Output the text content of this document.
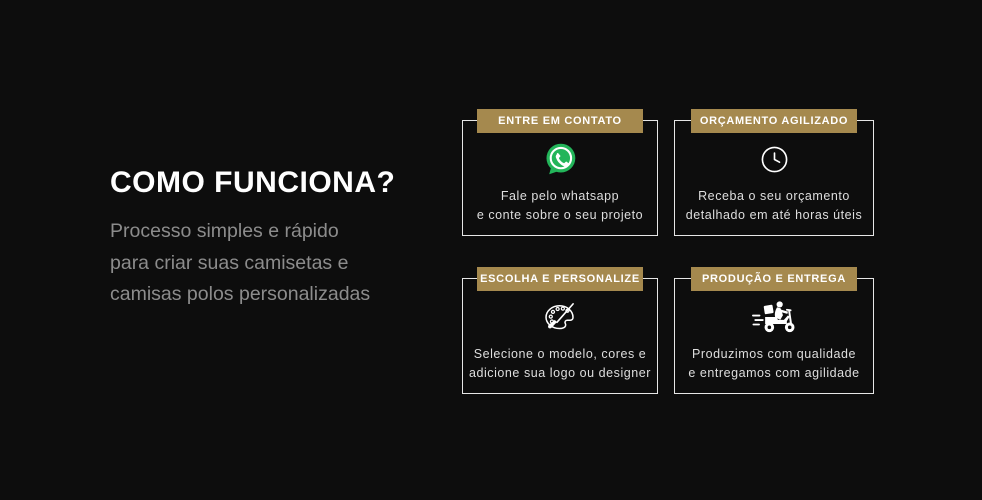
COMO FUNCIONA?

Processo simples e rápido
para criar suas camisetas e
camisas polos personalizadas

ENTRE EM CONTATO

Fale pelo whatsapp
e conte sobre o seu projeto

ORÇAMENTO AGILIZADO

Receba o seu orçamento
detalhado em até horas úteis

ESCOLHA E PERSONALIZE

Selecione o modelo, cores e
adicione sua logo ou designer

PRODUÇÃO E ENTREGA

Produzimos com qualidade
e entregamos com agilidade
